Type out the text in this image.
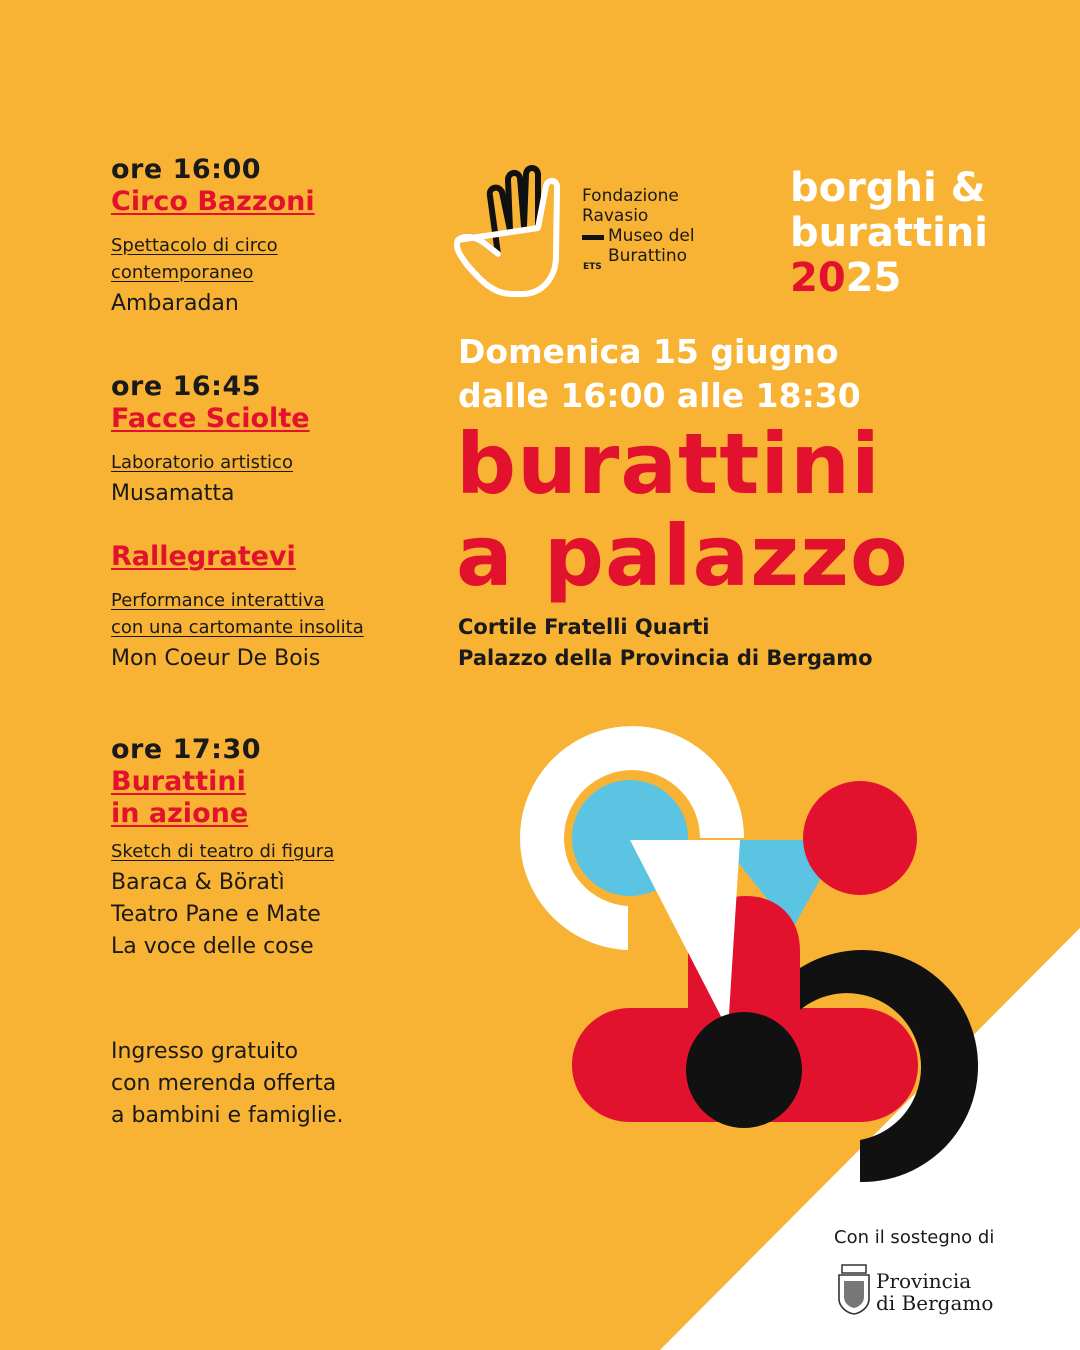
ore 16:00
Circo Bazzoni
Spettacolo di circo
contemporaneo
Ambaradan
ore 16:45
Facce Sciolte
Laboratorio artistico
Musamatta
Rallegratevi
Performance interattiva
con una cartomante insolita
Mon Coeur De Bois
ore 17:30
Burattini
in azione
Sketch di teatro di figura
Baraca & Böratì
Teatro Pane e Mate
La voce delle cose
Ingresso gratuito
con merenda offerta
a bambini e famiglie.
Fondazione
Ravasio
Museo del
Burattino
ETS
borghi &
burattini
2025
Domenica 15 giugno
dalle 16:00 alle 18:30
burattini
a palazzo
Cortile Fratelli Quarti
Palazzo della Provincia di Bergamo
Con il sostegno di
Provincia
di Bergamo
